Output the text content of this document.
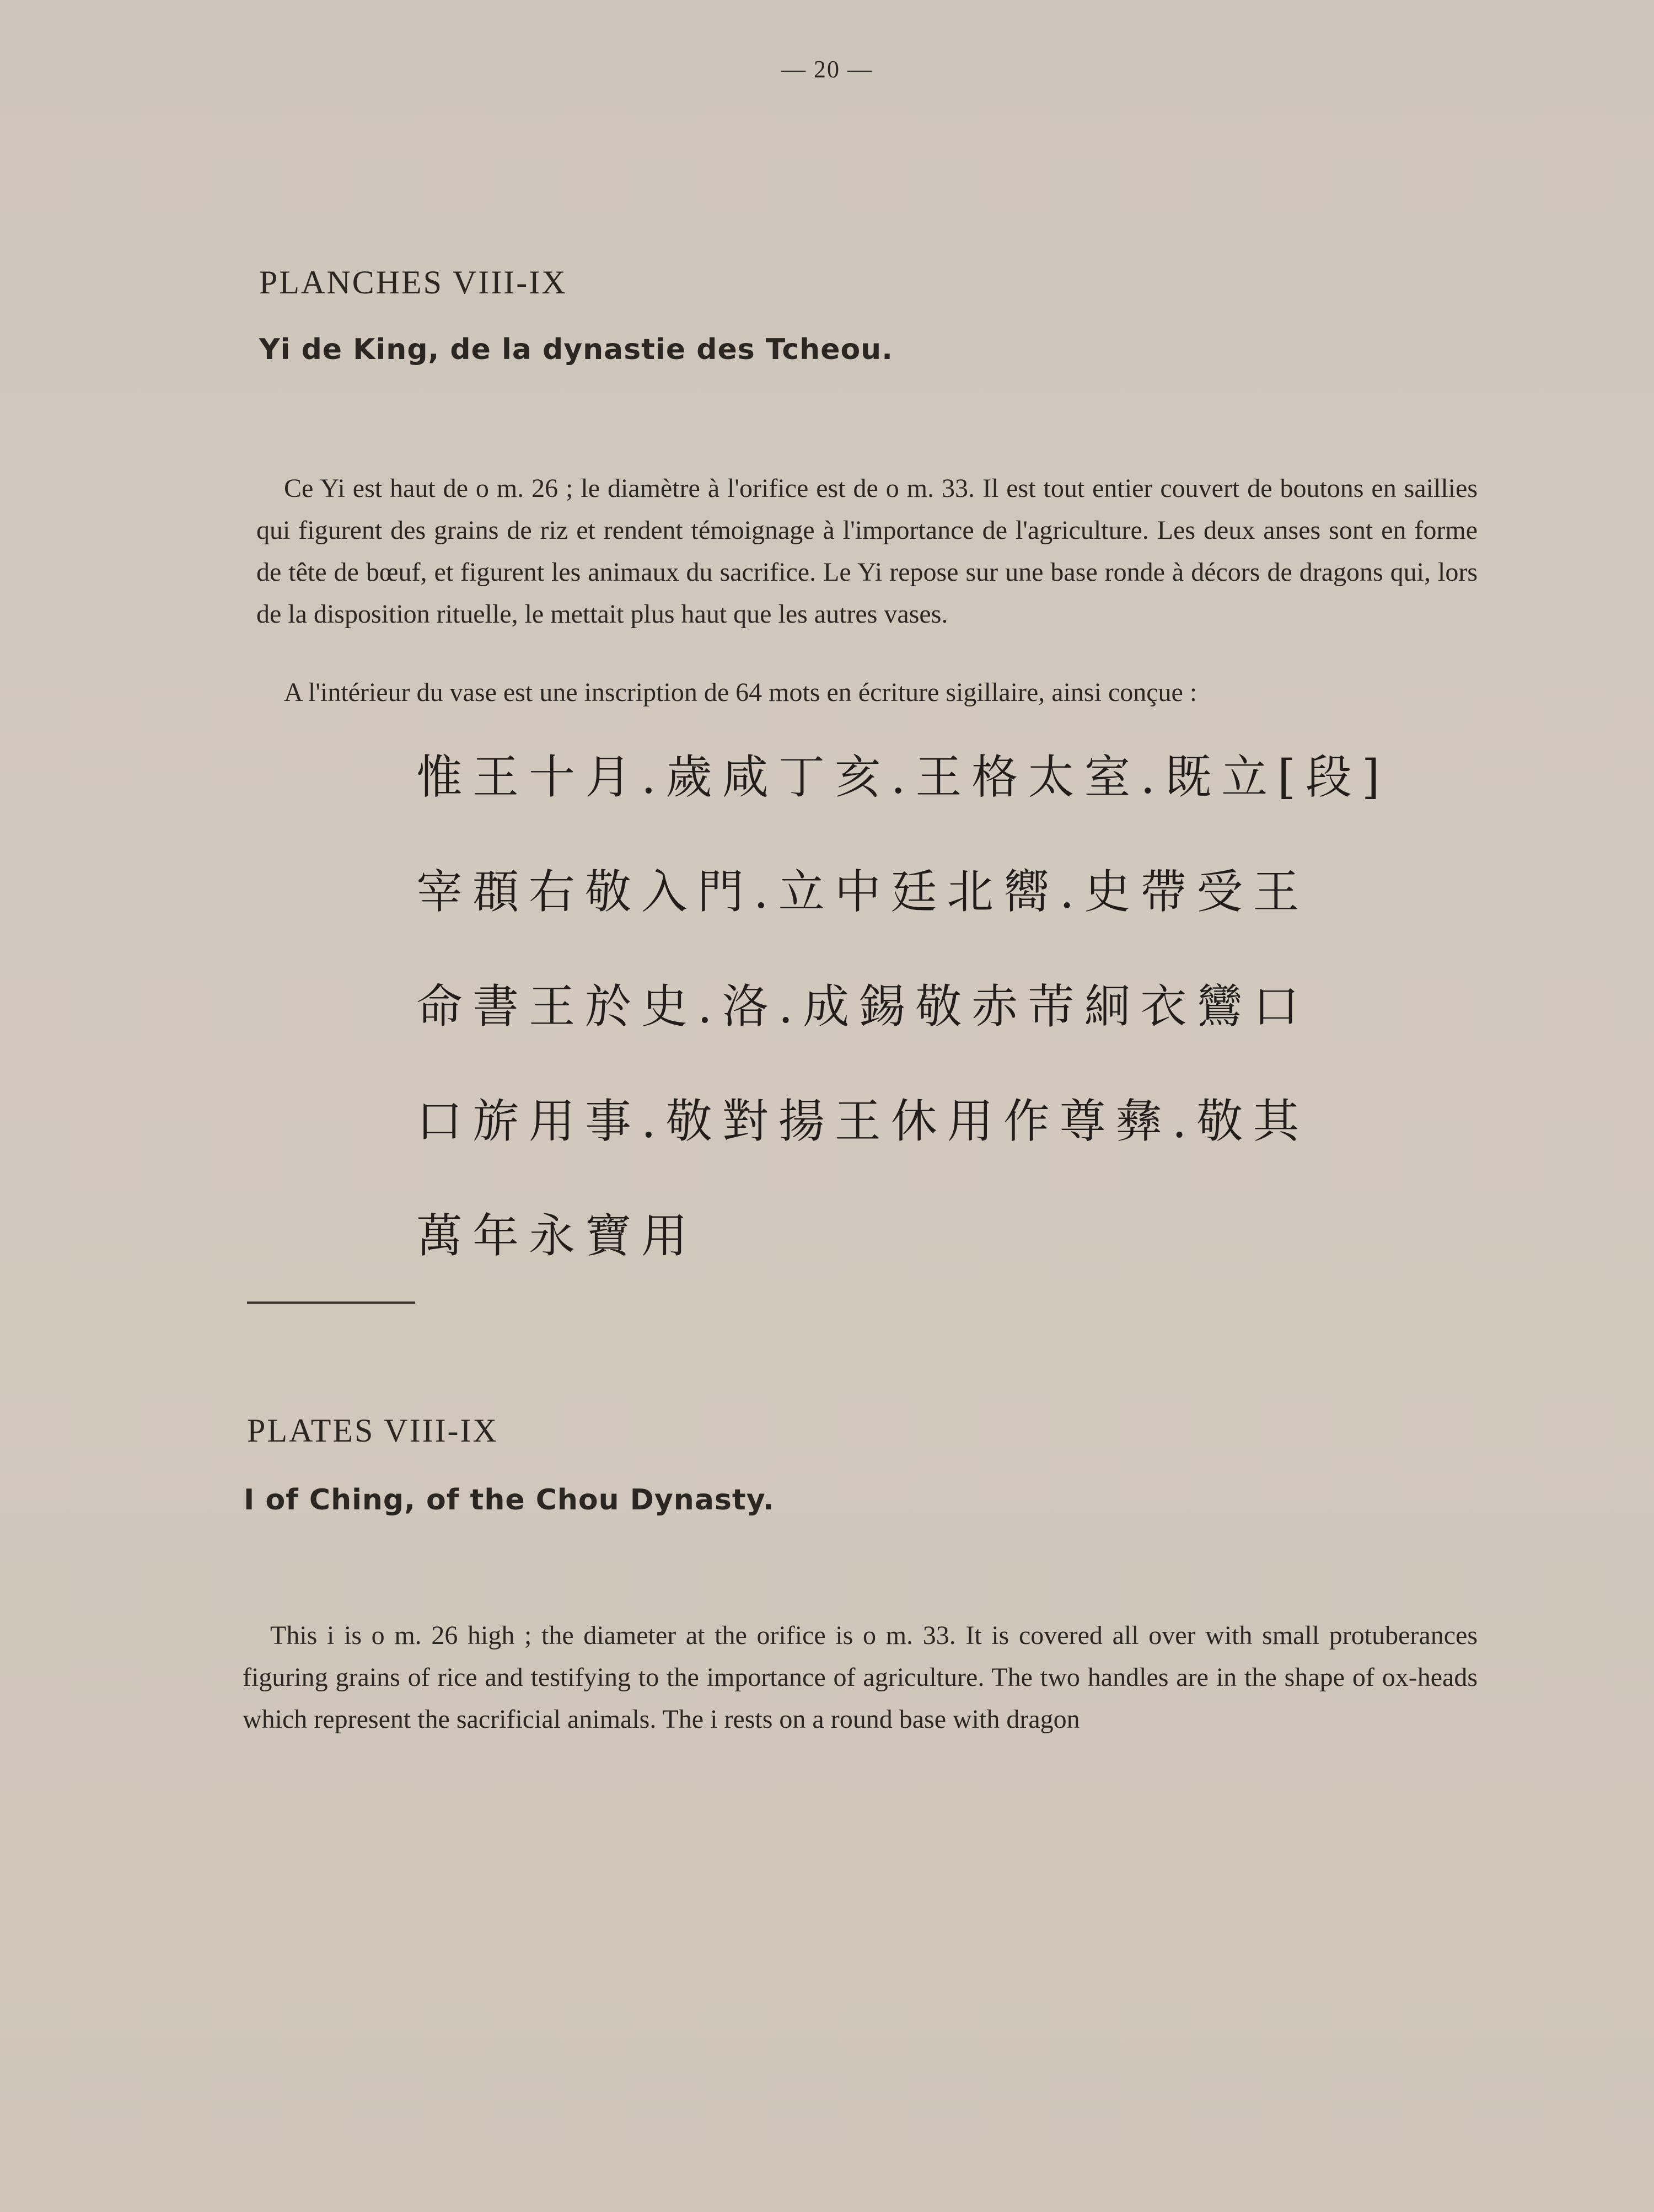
— 20 —
PLANCHES VIII-IX
Yi de King, de la dynastie des Tcheou.

Ce Yi est haut de o m. 26 ; le diamètre à l'orifice est de o m. 33. Il est tout entier couvert de boutons en saillies qui figurent des grains de riz et rendent témoignage à l'importance de l'agriculture. Les deux anses sont en forme de tête de bœuf, et figurent les animaux du sacrifice. Le Yi repose sur une base ronde à décors de dragons qui, lors de la disposition rituelle, le mettait plus haut que les autres vases.

A l'intérieur du vase est une inscription de 64 mots en écriture sigillaire, ainsi conçue :

惟王十月.歲咸丁亥.王格太室.既立[段]
宰頵右敬入門.立中廷北嚮.史帶受王
命書王於史.洛.成錫敬赤芾絅衣鸞口
口旂用事.敬對揚王休用作尊彝.敬其
萬年永寶用
PLATES VIII-IX
I of Ching, of the Chou Dynasty.

This i is o m. 26 high ; the diameter at the orifice is o m. 33. It is covered all over with small protuberances figuring grains of rice and testifying to the importance of agriculture. The two handles are in the shape of ox-heads which represent the sacrificial animals. The i rests on a round base with dragon
